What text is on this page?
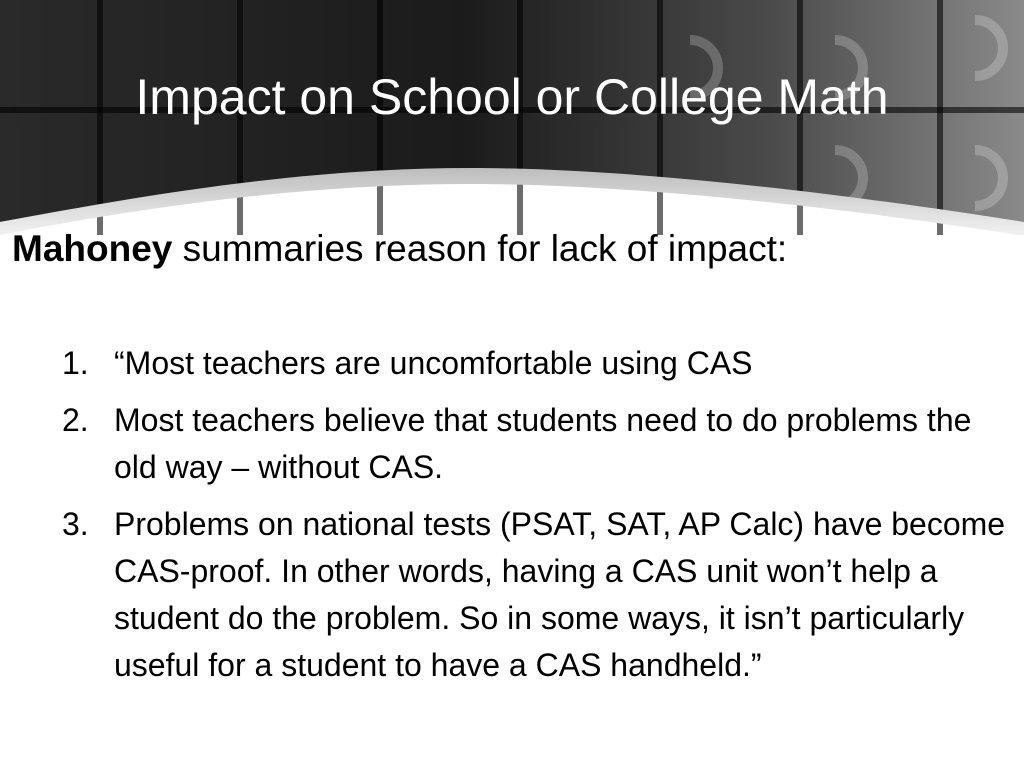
Impact on School or College Math

Mahoney summaries reason for lack of impact:

1. “Most teachers are uncomfortable using CAS
2. Most teachers believe that students need to do problems the old way – without CAS.
3. Problems on national tests (PSAT, SAT, AP Calc) have become CAS-proof. In other words, having a CAS unit won’t help a student do the problem. So in some ways, it isn’t particularly useful for a student to have a CAS handheld.”
